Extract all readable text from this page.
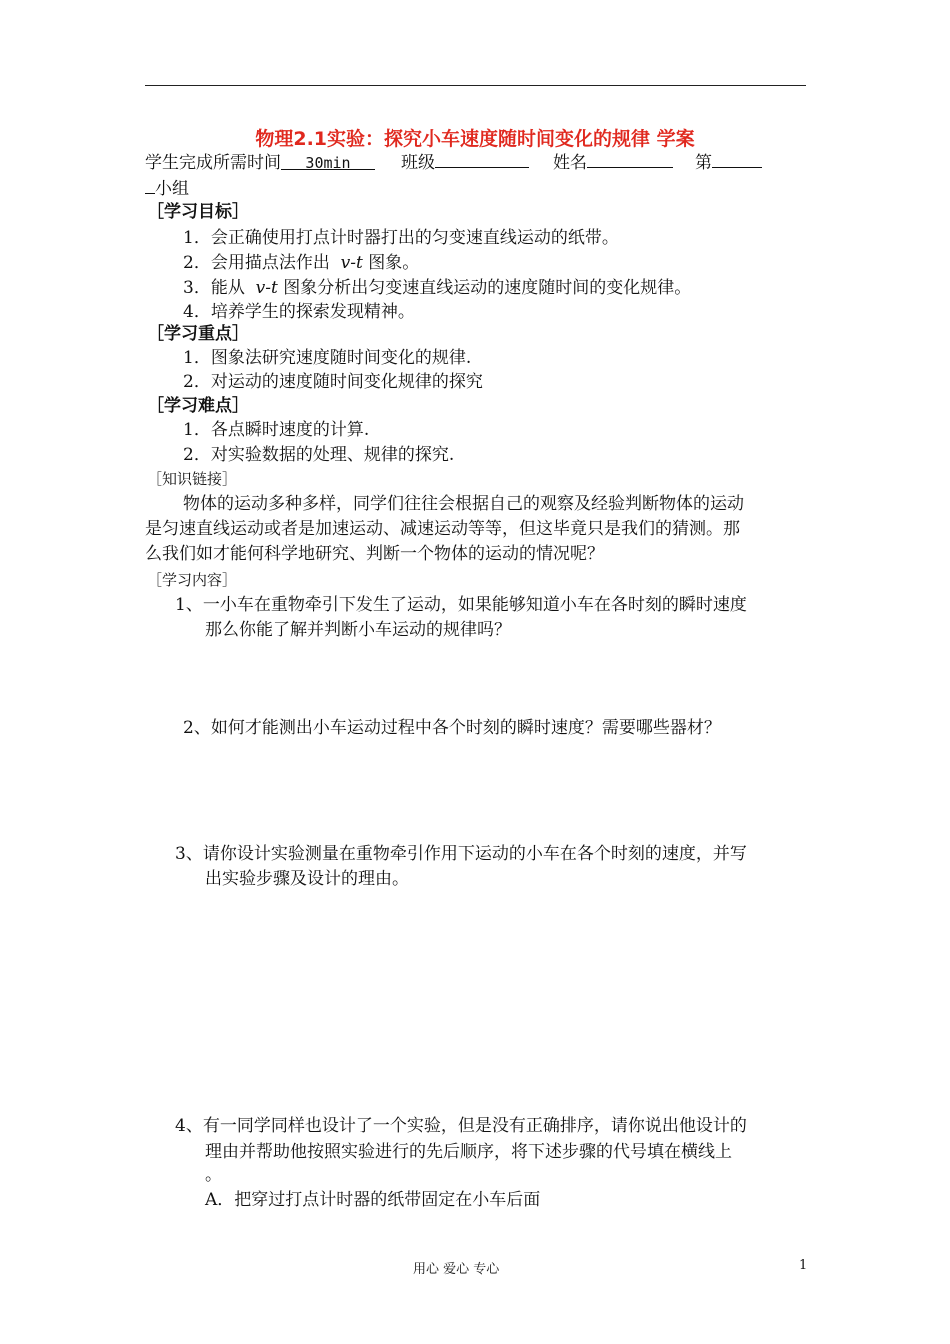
物理2.1实验：探究小车速度随时间变化的规律 学案
学生完成所需时间 30min	班级	姓名	第
小组
［学习目标］
1．会正确使用打点计时器打出的匀变速直线运动的纸带。
2．会用描点法作出 v-t 图象。
3．能从 v-t 图象分析出匀变速直线运动的速度随时间的变化规律。
4．培养学生的探索发现精神。
［学习重点］
1．图象法研究速度随时间变化的规律.
2．对运动的速度随时间变化规律的探究
［学习难点］
1．各点瞬时速度的计算.
2．对实验数据的处理、规律的探究.
［知识链接］
物体的运动多种多样，同学们往往会根据自己的观察及经验判断物体的运动
是匀速直线运动或者是加速运动、减速运动等等，但这毕竟只是我们的猜测。那
么我们如才能何科学地研究、判断一个物体的运动的情况呢？
［学习内容］
1、一小车在重物牵引下发生了运动，如果能够知道小车在各时刻的瞬时速度
那么你能了解并判断小车运动的规律吗？
2、如何才能测出小车运动过程中各个时刻的瞬时速度？需要哪些器材？
3、请你设计实验测量在重物牵引作用下运动的小车在各个时刻的速度，并写
出实验步骤及设计的理由。
4、有一同学同样也设计了一个实验，但是没有正确排序，请你说出他设计的
理由并帮助他按照实验进行的先后顺序，将下述步骤的代号填在横线上
。
A．把穿过打点计时器的纸带固定在小车后面
用心 爱心 专心	1
